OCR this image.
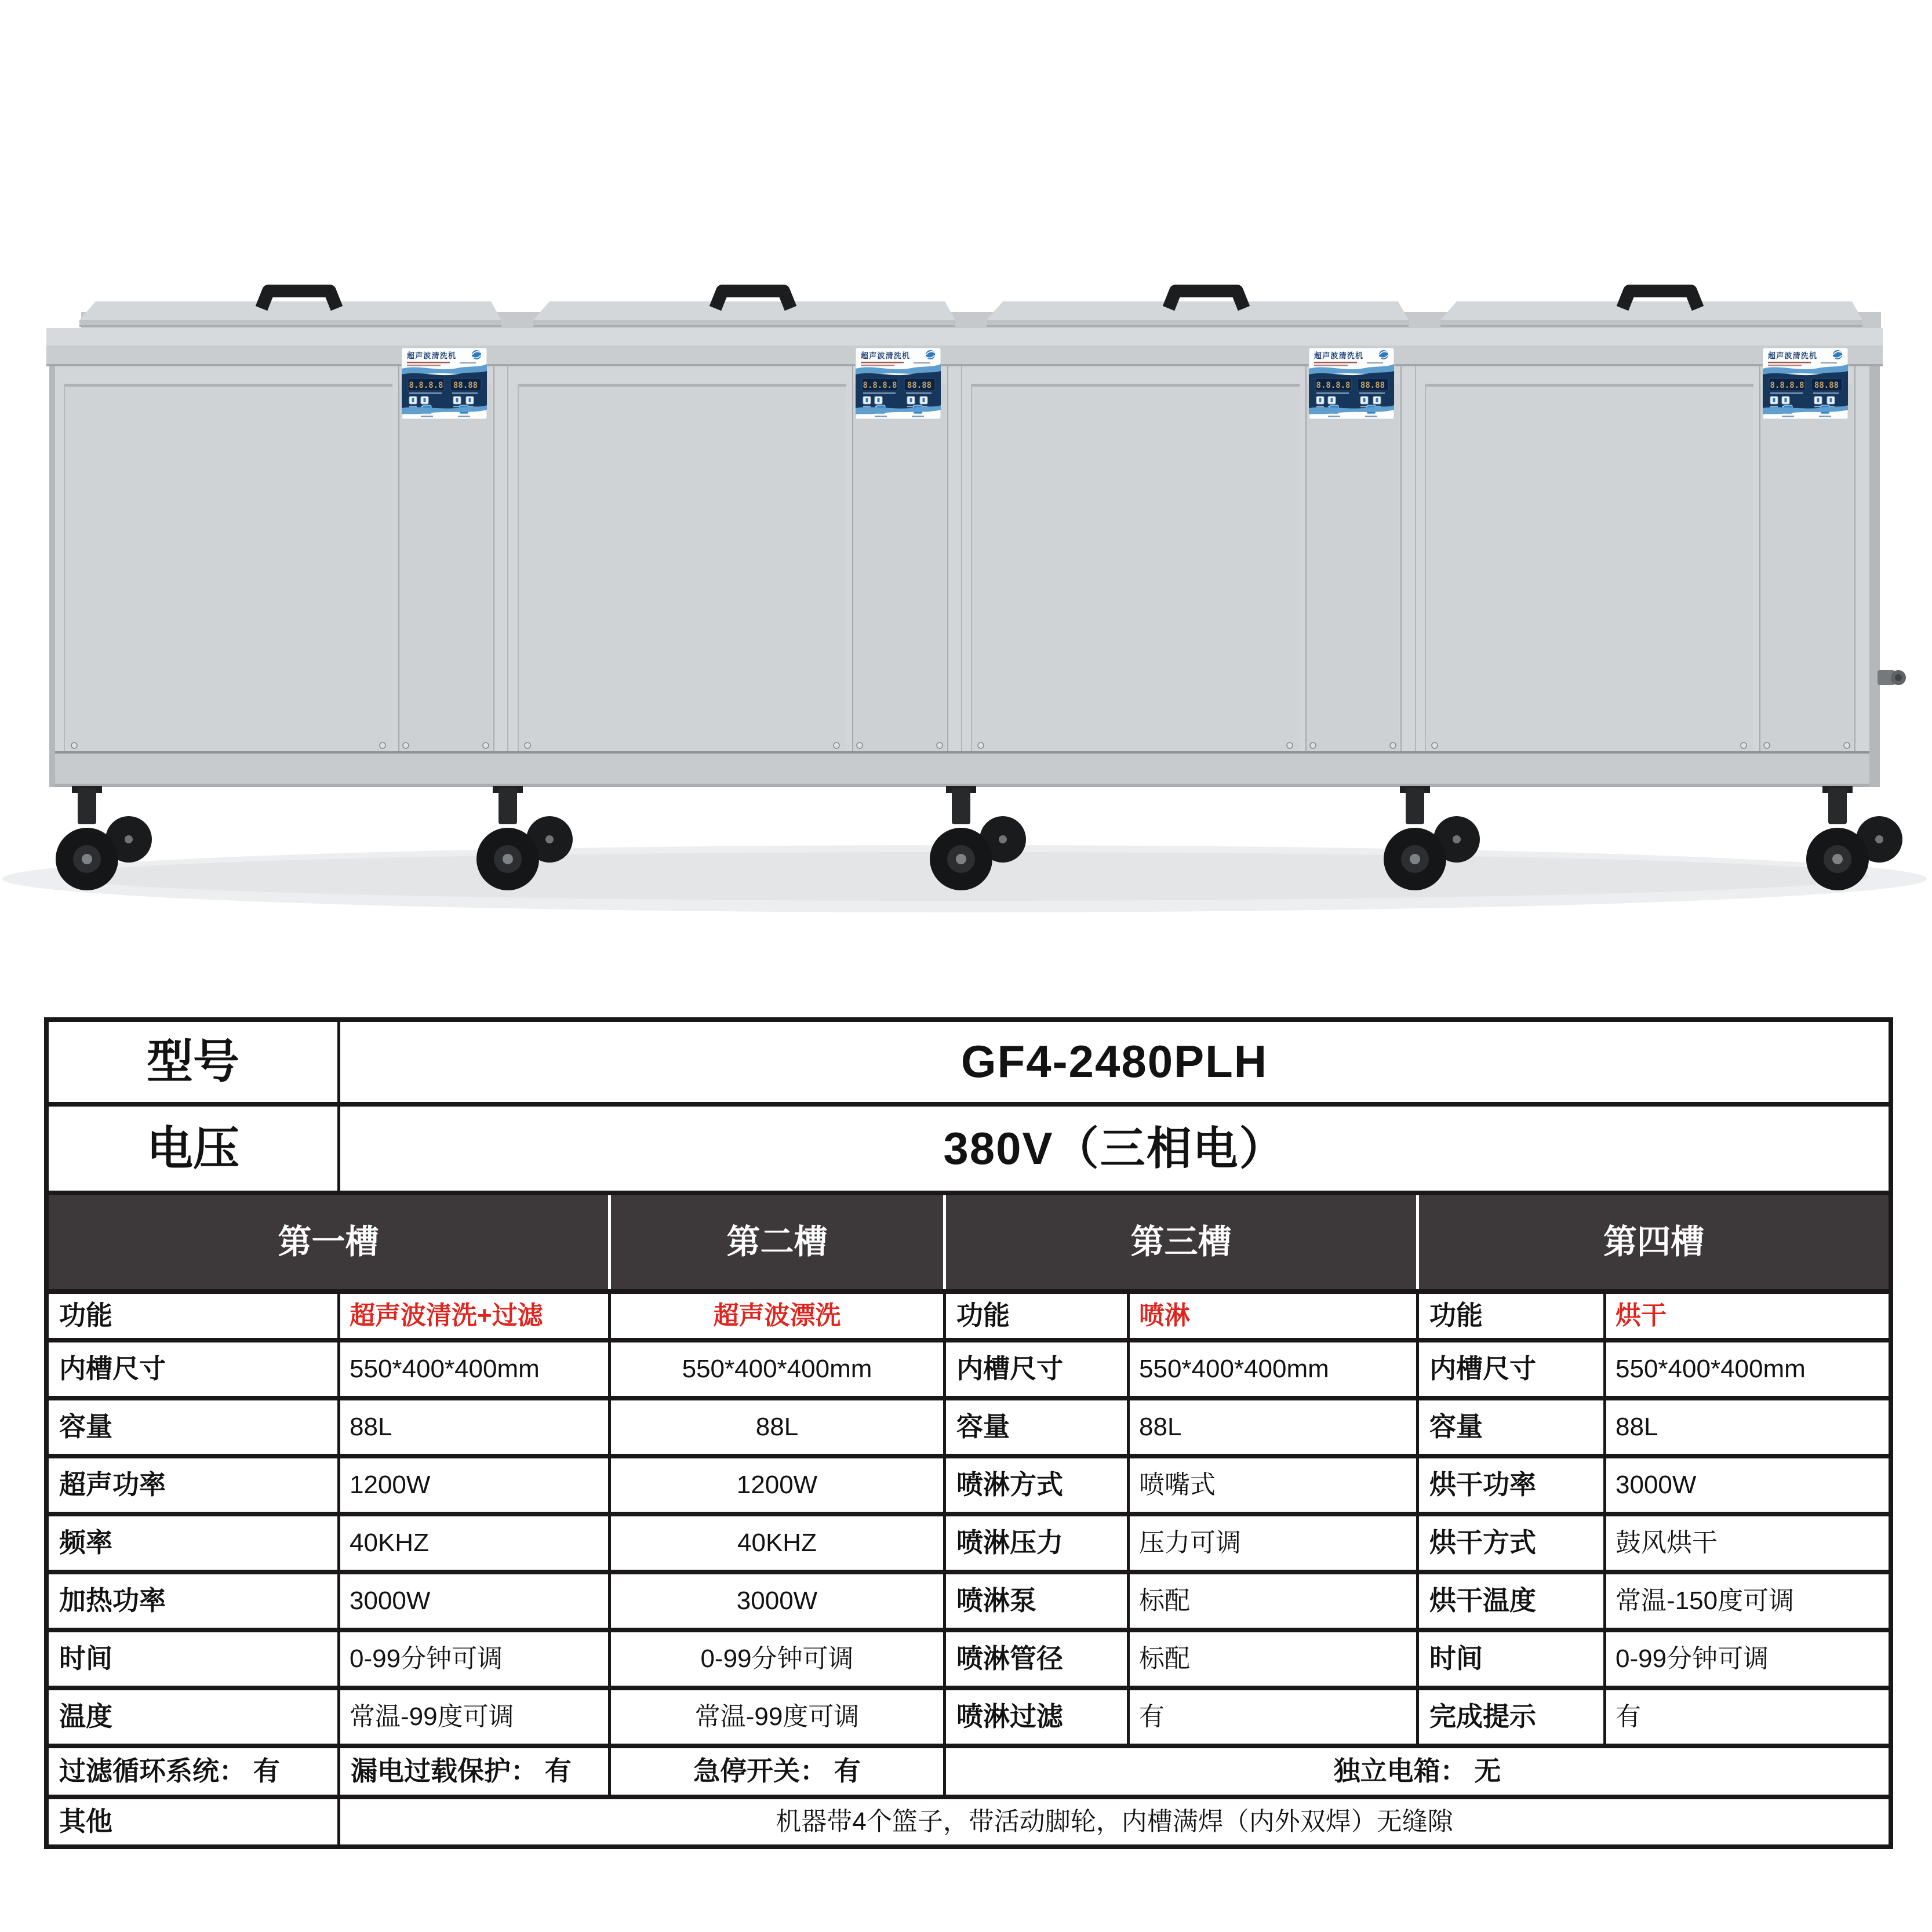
超声波清洗机
8.8.8.8	88.88
型号	GF4-2480PLH
电压	380V（三相电）
第一槽	第二槽	第三槽	第四槽
功能	超声波清洗+过滤	超声波漂洗	功能	喷淋	功能	烘干
内槽尺寸	550*400*400mm	550*400*400mm	内槽尺寸	550*400*400mm	内槽尺寸	550*400*400mm
容量	88L	88L	容量	88L	容量	88L
超声功率	1200W	1200W	喷淋方式	喷嘴式	烘干功率	3000W
频率	40KHZ	40KHZ	喷淋压力	压力可调	烘干方式	鼓风烘干
加热功率	3000W	3000W	喷淋泵	标配	烘干温度	常温-150度可调
时间	0-99分钟可调	0-99分钟可调	喷淋管径	标配	时间	0-99分钟可调
温度	常温-99度可调	常温-99度可调	喷淋过滤	有	完成提示	有
过滤循环系统： 有	漏电过载保护： 有	急停开关： 有	独立电箱： 无
其他	机器带4个篮子，带活动脚轮，内槽满焊（内外双焊）无缝隙
